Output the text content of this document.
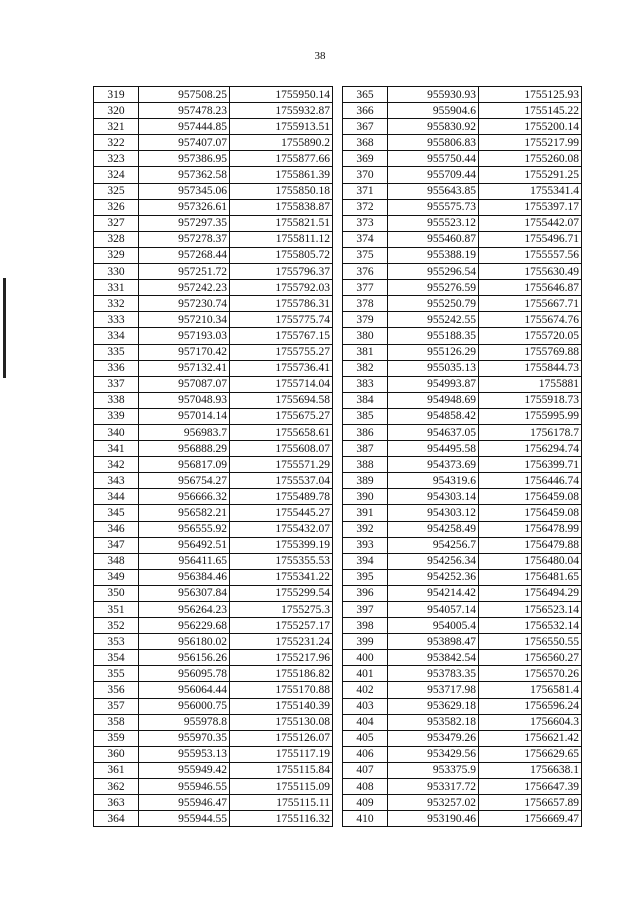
38
319	957508.25	1755950.14
320	957478.23	1755932.87
321	957444.85	1755913.51
322	957407.07	1755890.2
323	957386.95	1755877.66
324	957362.58	1755861.39
325	957345.06	1755850.18
326	957326.61	1755838.87
327	957297.35	1755821.51
328	957278.37	1755811.12
329	957268.44	1755805.72
330	957251.72	1755796.37
331	957242.23	1755792.03
332	957230.74	1755786.31
333	957210.34	1755775.74
334	957193.03	1755767.15
335	957170.42	1755755.27
336	957132.41	1755736.41
337	957087.07	1755714.04
338	957048.93	1755694.58
339	957014.14	1755675.27
340	956983.7	1755658.61
341	956888.29	1755608.07
342	956817.09	1755571.29
343	956754.27	1755537.04
344	956666.32	1755489.78
345	956582.21	1755445.27
346	956555.92	1755432.07
347	956492.51	1755399.19
348	956411.65	1755355.53
349	956384.46	1755341.22
350	956307.84	1755299.54
351	956264.23	1755275.3
352	956229.68	1755257.17
353	956180.02	1755231.24
354	956156.26	1755217.96
355	956095.78	1755186.82
356	956064.44	1755170.88
357	956000.75	1755140.39
358	955978.8	1755130.08
359	955970.35	1755126.07
360	955953.13	1755117.19
361	955949.42	1755115.84
362	955946.55	1755115.09
363	955946.47	1755115.11
364	955944.55	1755116.32
365	955930.93	1755125.93
366	955904.6	1755145.22
367	955830.92	1755200.14
368	955806.83	1755217.99
369	955750.44	1755260.08
370	955709.44	1755291.25
371	955643.85	1755341.4
372	955575.73	1755397.17
373	955523.12	1755442.07
374	955460.87	1755496.71
375	955388.19	1755557.56
376	955296.54	1755630.49
377	955276.59	1755646.87
378	955250.79	1755667.71
379	955242.55	1755674.76
380	955188.35	1755720.05
381	955126.29	1755769.88
382	955035.13	1755844.73
383	954993.87	1755881
384	954948.69	1755918.73
385	954858.42	1755995.99
386	954637.05	1756178.7
387	954495.58	1756294.74
388	954373.69	1756399.71
389	954319.6	1756446.74
390	954303.14	1756459.08
391	954303.12	1756459.08
392	954258.49	1756478.99
393	954256.7	1756479.88
394	954256.34	1756480.04
395	954252.36	1756481.65
396	954214.42	1756494.29
397	954057.14	1756523.14
398	954005.4	1756532.14
399	953898.47	1756550.55
400	953842.54	1756560.27
401	953783.35	1756570.26
402	953717.98	1756581.4
403	953629.18	1756596.24
404	953582.18	1756604.3
405	953479.26	1756621.42
406	953429.56	1756629.65
407	953375.9	1756638.1
408	953317.72	1756647.39
409	953257.02	1756657.89
410	953190.46	1756669.47
